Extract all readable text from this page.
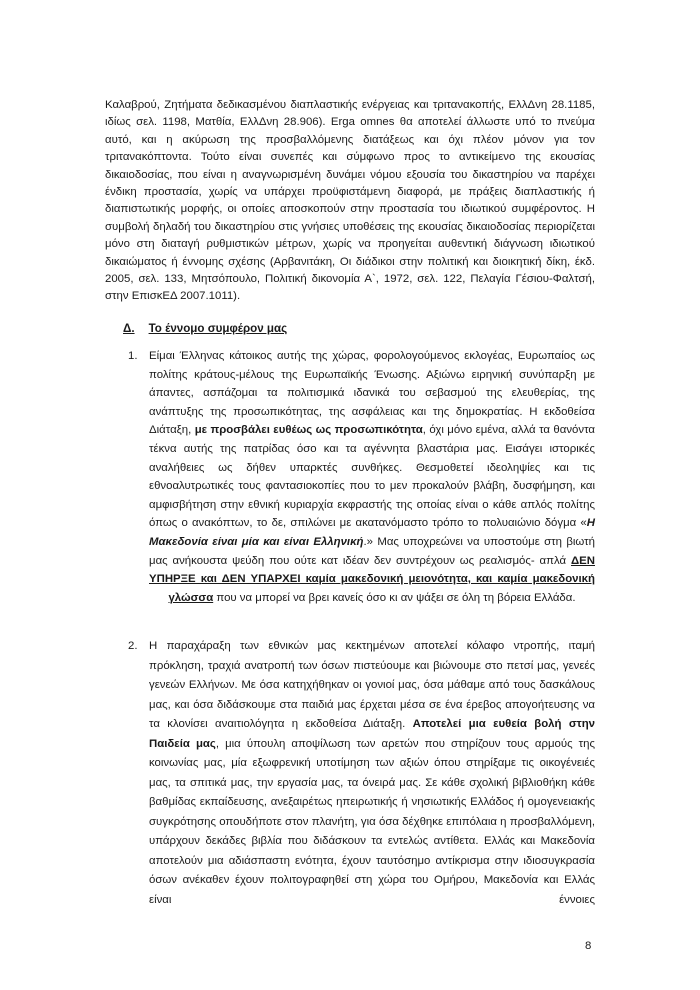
Καλαβρού, Ζητήματα δεδικασμένου διαπλαστικής ενέργειας και τριτανακοπής, ΕλλΔνη 28.1185, ιδίως σελ. 1198, Ματθία, ΕλλΔνη 28.906). Erga omnes θα αποτελεί άλλωστε υπό το πνεύμα αυτό, και η ακύρωση της προσβαλλόμενης διατάξεως και όχι πλέον μόνον για τον τριτανακόπτοντα. Τούτο είναι συνεπές και σύμφωνο προς το αντικείμενο της εκουσίας δικαιοδοσίας, που είναι η αναγνωρισμένη δυνάμει νόμου εξουσία του δικαστηρίου να παρέχει ένδικη προστασία, χωρίς να υπάρχει προϋφιστάμενη διαφορά, με πράξεις διαπλαστικής ή διαπιστωτικής μορφής, οι οποίες αποσκοπούν στην προστασία του ιδιωτικού συμφέροντος. Η συμβολή δηλαδή του δικαστηρίου στις γνήσιες υποθέσεις της εκουσίας δικαιοδοσίας περιορίζεται μόνο στη διαταγή ρυθμιστικών μέτρων, χωρίς να προηγείται αυθεντική διάγνωση ιδιωτικού δικαιώματος ή έννομης σχέσης (Αρβανιτάκη, Οι διάδικοι στην πολιτική και διοικητική δίκη, έκδ. 2005, σελ. 133, Μητσόπουλο, Πολιτική δικονομία Α`, 1972, σελ. 122, Πελαγία Γέσιου-Φαλτσή, στην ΕπισκΕΔ 2007.1011).

Δ. Το έννομο συμφέρον μας
1. Είμαι Έλληνας κάτοικος αυτής της χώρας, φορολογούμενος εκλογέας, Ευρωπαίος ως πολίτης κράτους-μέλους της Ευρωπαϊκής Ένωσης. Αξιώνω ειρηνική συνύπαρξη με άπαντες, ασπάζομαι τα πολιτισμικά ιδανικά του σεβασμού της ελευθερίας, της ανάπτυξης της προσωπικότητας, της ασφάλειας και της δημοκρατίας. Η εκδοθείσα Διάταξη, με προσβάλει ευθέως ως προσωπικότητα, όχι μόνο εμένα, αλλά τα θανόντα τέκνα αυτής της πατρίδας όσο και τα αγέννητα βλαστάρια μας. Εισάγει ιστορικές αναλήθειες ως δήθεν υπαρκτές συνθήκες. Θεσμοθετεί ιδεοληψίες και τις εθνοαλυτρωτικές τους φαντασιοκοπίες που το μεν προκαλούν βλάβη, δυσφήμηση, και αμφισβήτηση στην εθνική κυριαρχία εκφραστής της οποίας είναι ο κάθε απλός πολίτης όπως ο ανακόπτων, το δε, σπιλώνει με ακατανόμαστο τρόπο το πολυαιώνιο δόγμα «Η Μακεδονία είναι μία και είναι Ελληνική.» Μας υποχρεώνει να υποστούμε στη βιωτή μας ανήκουστα ψεύδη που ούτε κατ ιδέαν δεν συντρέχουν ως ρεαλισμός- απλά ΔΕΝ ΥΠΗΡΞΕ και ΔΕΝ ΥΠΑΡΧΕΙ καμία μακεδονική μειονότητα, και καμία μακεδονική γλώσσα που να μπορεί να βρει κανείς όσο κι αν ψάξει σε όλη τη βόρεια Ελλάδα.
2. Η παραχάραξη των εθνικών μας κεκτημένων αποτελεί κόλαφο ντροπής, ιταμή πρόκληση, τραχιά ανατροπή των όσων πιστεύουμε και βιώνουμε στο πετσί μας, γενεές γενεών Ελλήνων. Με όσα κατηχήθηκαν οι γονιοί μας, όσα μάθαμε από τους δασκάλους μας, και όσα διδάσκουμε στα παιδιά μας έρχεται μέσα σε ένα έρεβος απογοήτευσης να τα κλονίσει αναιτιολόγητα η εκδοθείσα Διάταξη. Αποτελεί μια ευθεία βολή στην Παιδεία μας, μια ύπουλη αποψίλωση των αρετών που στηρίζουν τους αρμούς της κοινωνίας μας, μία εξωφρενική υποτίμηση των αξιών όπου στηρίξαμε τις οικογένειές μας, τα σπιτικά μας, την εργασία μας, τα όνειρά μας. Σε κάθε σχολική βιβλιοθήκη κάθε βαθμίδας εκπαίδευσης, ανεξαιρέτως ηπειρωτικής ή νησιωτικής Ελλάδος ή ομογενειακής συγκρότησης οπουδήποτε στον πλανήτη, για όσα δέχθηκε επιπόλαια η προσβαλλόμενη, υπάρχουν δεκάδες βιβλία που διδάσκουν τα εντελώς αντίθετα. Ελλάς και Μακεδονία αποτελούν μια αδιάσπαστη ενότητα, έχουν ταυτόσημο αντίκρισμα στην ιδιοσυγκρασία όσων ανέκαθεν έχουν πολιτογραφηθεί στη χώρα του Ομήρου, Μακεδονία και Ελλάς είναι έννοιες
8
